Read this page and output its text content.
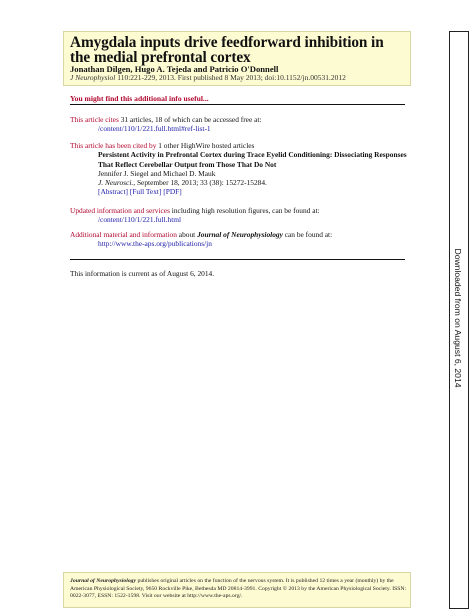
Amygdala inputs drive feedforward inhibition in the medial prefrontal cortex
Jonathan Dilgen, Hugo A. Tejeda and Patricio O'Donnell
J Neurophysiol 110:221-229, 2013. First published 8 May 2013; doi:10.1152/jn.00531.2012
You might find this additional info useful...
This article cites 31 articles, 18 of which can be accessed free at:
/content/110/1/221.full.html#ref-list-1
This article has been cited by 1 other HighWire hosted articles
Persistent Activity in Prefrontal Cortex during Trace Eyelid Conditioning: Dissociating Responses That Reflect Cerebellar Output from Those That Do Not
Jennifer J. Siegel and Michael D. Mauk
J. Neurosci., September 18, 2013; 33 (38): 15272-15284.
[Abstract] [Full Text] [PDF]
Updated information and services including high resolution figures, can be found at:
/content/110/1/221.full.html
Additional material and information about Journal of Neurophysiology can be found at:
http://www.the-aps.org/publications/jn
This information is current as of August 6, 2014.
Journal of Neurophysiology publishes original articles on the function of the nervous system. It is published 12 times a year (monthly) by the American Physiological Society, 9650 Rockville Pike, Bethesda MD 20814-3991. Copyright © 2013 by the American Physiological Society. ISSN: 0022-3077, ESSN: 1522-1598. Visit our website at http://www.the-aps.org/.
Downloaded from on August 6, 2014
